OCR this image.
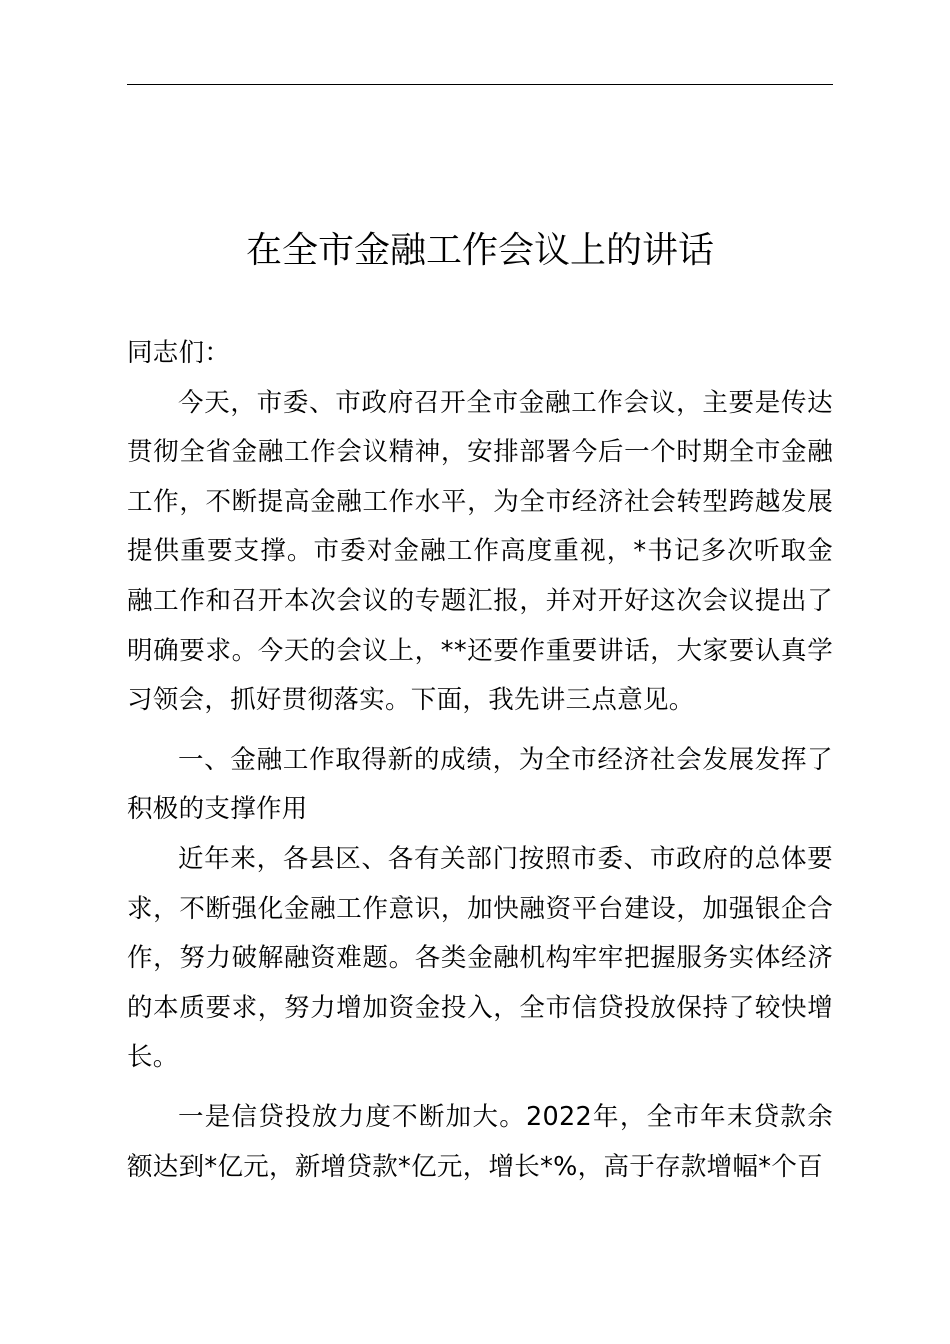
在全市金融工作会议上的讲话

同志们：

今天，市委、市政府召开全市金融工作会议，主要是传达贯彻全省金融工作会议精神，安排部署今后一个时期全市金融工作，不断提高金融工作水平，为全市经济社会转型跨越发展提供重要支撑。市委对金融工作高度重视，*书记多次听取金融工作和召开本次会议的专题汇报，并对开好这次会议提出了明确要求。今天的会议上，**还要作重要讲话，大家要认真学习领会，抓好贯彻落实。下面，我先讲三点意见。

一、金融工作取得新的成绩，为全市经济社会发展发挥了积极的支撑作用

近年来，各县区、各有关部门按照市委、市政府的总体要求，不断强化金融工作意识，加快融资平台建设，加强银企合作，努力破解融资难题。各类金融机构牢牢把握服务实体经济的本质要求，努力增加资金投入，全市信贷投放保持了较快增长。

一是信贷投放力度不断加大。2022年，全市年末贷款余额达到*亿元，新增贷款*亿元，增长*%，高于存款增幅*个百
